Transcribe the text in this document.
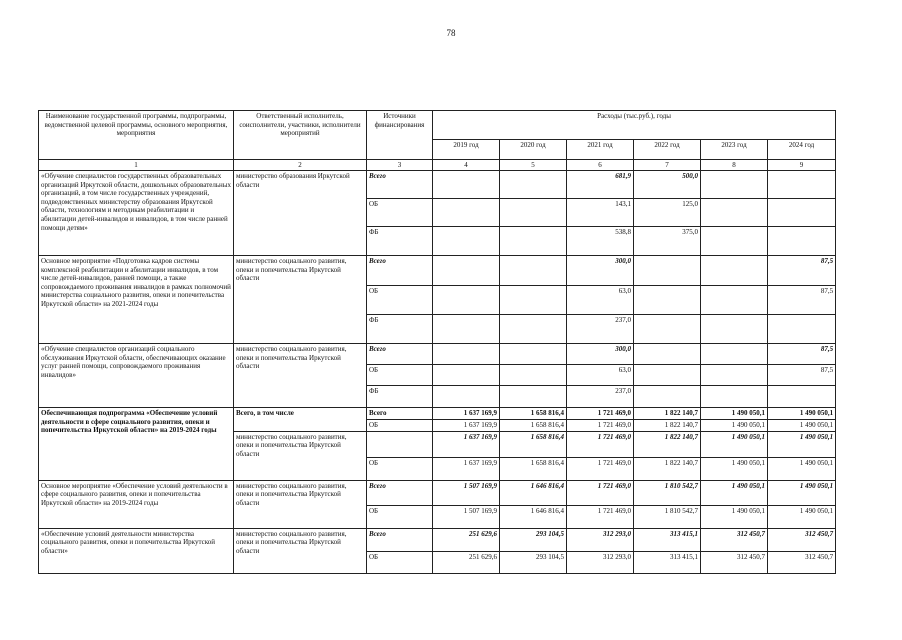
78
Наименование государственной программы, подпрограммы, ведомственной целевой программы, основного мероприятия, мероприятия	Ответственный исполнитель, соисполнители, участники, исполнители мероприятий	Источники финансирования	Расходы (тыс.руб.), годы					
			2019 год	2020 год	2021 год	2022 год	2023 год	2024 год
1	2	3	4	5	6	7	8	9
«Обучение специалистов государственных образовательных организаций Иркутской области, дошкольных образовательных организаций, в том числе государственных учреждений, подведомственных министерству образования Иркутской области, технологиям и методикам реабилитации и абилитации детей-инвалидов и инвалидов, в том числе ранней помощи детям»	министерство образования Иркутской области	Всего			681,9	500,0		
		ОБ			143,1	125,0		
		ФБ			538,8	375,0		
Основное мероприятие «Подготовка кадров системы комплексной реабилитации и абилитации инвалидов, в том числе детей-инвалидов, ранней помощи, а также сопровождаемого проживания инвалидов в рамках полномочий министерства социального развития, опеки и попечительства Иркутской области» на 2021-2024 годы	министерство социального развития, опеки и попечительства Иркутской области	Всего			300,0			87,5
		ОБ			63,0			87,5
		ФБ			237,0			
«Обучение специалистов организаций социального обслуживания Иркутской области, обеспечивающих оказание услуг ранней помощи, сопровождаемого проживания инвалидов»	министерство социального развития, опеки и попечительства Иркутской области	Всего			300,0			87,5
		ОБ			63,0			87,5
		ФБ			237,0			
Обеспечивающая подпрограмма «Обеспечение условий деятельности в сфере социального развития, опеки и попечительства Иркутской области» на 2019-2024 годы	Всего, в том числе	Всего	1 637 169,9	1 658 816,4	1 721 469,0	1 822 140,7	1 490 050,1	1 490 050,1
		ОБ	1 637 169,9	1 658 816,4	1 721 469,0	1 822 140,7	1 490 050,1	1 490 050,1
	министерство социального развития, опеки и попечительства Иркутской области		1 637 169,9	1 658 816,4	1 721 469,0	1 822 140,7	1 490 050,1	1 490 050,1
		ОБ	1 637 169,9	1 658 816,4	1 721 469,0	1 822 140,7	1 490 050,1	1 490 050,1
Основное мероприятие «Обеспечение условий деятельности в сфере социального развития, опеки и попечительства Иркутской области» на 2019-2024 годы	министерство социального развития, опеки и попечительства Иркутской области	Всего	1 507 169,9	1 646 816,4	1 721 469,0	1 810 542,7	1 490 050,1	1 490 050,1
		ОБ	1 507 169,9	1 646 816,4	1 721 469,0	1 810 542,7	1 490 050,1	1 490 050,1
«Обеспечение условий деятельности министерства социального развития, опеки и попечительства Иркутской области»	министерство социального развития, опеки и попечительства Иркутской области	Всего	251 629,6	293 104,5	312 293,0	313 415,1	312 450,7	312 450,7
		ОБ	251 629,6	293 104,5	312 293,0	313 415,1	312 450,7	312 450,7
